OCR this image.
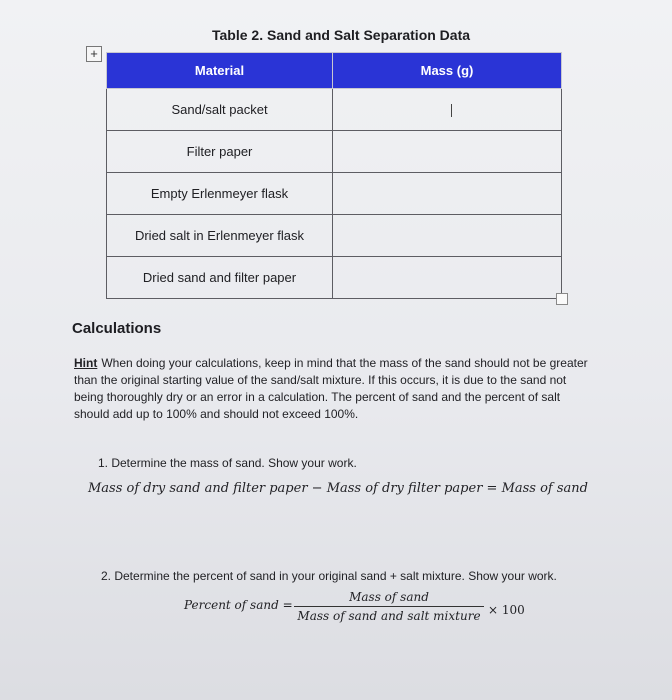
+
Table 2. Sand and Salt Separation Data
Material	Mass (g)
Sand/salt packet	
Filter paper	
Empty Erlenmeyer flask	
Dried salt in Erlenmeyer flask	
Dried sand and filter paper	
Calculations
Hint When doing your calculations, keep in mind that the mass of the sand should not be greater than the original starting value of the sand/salt mixture. If this occurs, it is due to the sand not being thoroughly dry or an error in a calculation. The percent of sand and the percent of salt should add up to 100% and should not exceed 100%.
1. Determine the mass of sand. Show your work.
Mass of dry sand and filter paper − Mass of dry filter paper = Mass of sand
2. Determine the percent of sand in your original sand + salt mixture. Show your work.
Percent of sand =
Mass of sand
Mass of sand and salt mixture × 100
